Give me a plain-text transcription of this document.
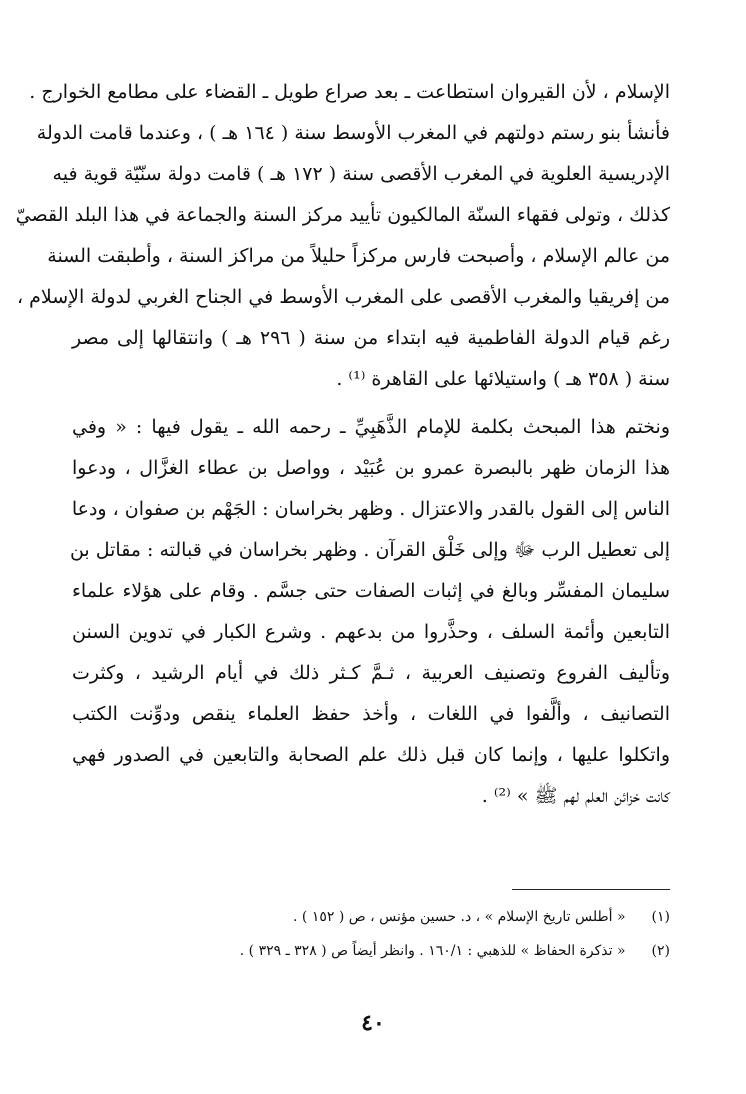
الإسلام ، لأن القيروان استطاعت ـ بعد صراع طويل ـ القضاء على مطامع الخوارج .
فأنشأ بنو رستم دولتهم في المغرب الأوسط سنة ( ١٦٤ هـ ) ، وعندما قامت الدولة
الإدريسية العلوية في المغرب الأقصى سنة ( ١٧٢ هـ ) قامت دولة سنّيّة قوية فيه
كذلك ، وتولى فقهاء السنّة المالكيون تأييد مركز السنة والجماعة في هذا البلد القصيّ
من عالم الإسلام ، وأصبحت فارس مركزاً حليلاً من مراكز السنة ، وأطبقت السنة
من إفريقيا والمغرب الأقصى على المغرب الأوسط في الجناح الغربي لدولة الإسلام ،
رغم قيام الدولة الفاطمية فيه ابتداء من سنة ( ٢٩٦ هـ ) وانتقالها إلى مصر
سنة ( ٣٥٨ هـ ) واستيلائها على القاهرة ⁽¹⁾ .
ونختم هذا المبحث بكلمة للإمام الذَّهَبِيِّ ـ رحمه الله ـ يقول فيها : « وفي
هذا الزمان ظهر بالبصرة عمرو بن عُبَيْد ، وواصل بن عطاء الغزَّال ، ودعوا
الناس إلى القول بالقدر والاعتزال . وظهر بخراسان : الجَهْم بن صفوان ، ودعا
إلى تعطيل الرب ﷻ وإلى خَلْق القرآن . وظهر بخراسان في قبالته : مقاتل بن
سليمان المفسِّر وبالغ في إثبات الصفات حتى جسَّم . وقام على هؤلاء علماء
التابعين وأئمة السلف ، وحذَّروا من بدعهم . وشرع الكبار في تدوين السنن
وتأليف الفروع وتصنيف العربية ، ثـمَّ كـثر ذلك في أيام الرشيد ، وكثرت
التصانيف ، وألَّفوا في اللغات ، وأخذ حفظ العلماء ينقص ودوِّنت الكتب
واتكلوا عليها ، وإنما كان قبل ذلك علم الصحابة والتابعين في الصدور فهي
كانت خزائن العلم لهم ﷺ » ⁽²⁾ .
(١) « أطلس تاريخ الإسلام » ، د. حسين مؤنس ، ص ( ١٥٢ ) .
(٢) « تذكرة الحفاظ » للذهبي : ١٦٠/١ . وانظر أيضاً ص ( ٣٢٨ ـ ٣٢٩ ) .
٤٠
